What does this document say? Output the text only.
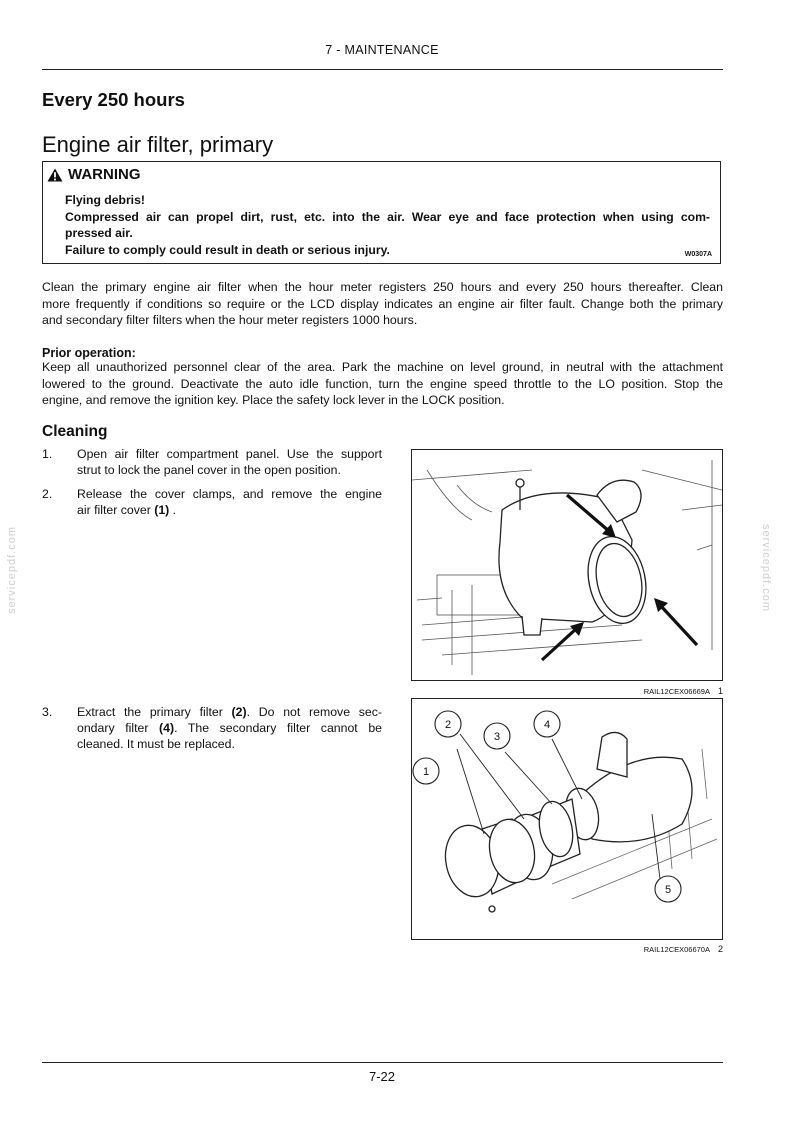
7 - MAINTENANCE
Every 250 hours
Engine air filter, primary
WARNING
Flying debris!
Compressed air can propel dirt, rust, etc. into the air. Wear eye and face protection when using com-
pressed air.
Failure to comply could result in death or serious injury.	W0307A
Clean the primary engine air filter when the hour meter registers 250 hours and every 250 hours thereafter. Clean
more frequently if conditions so require or the LCD display indicates an engine air filter fault. Change both the primary
and secondary filter filters when the hour meter registers 1000 hours.
Prior operation:
Keep all unauthorized personnel clear of the area. Park the machine on level ground, in neutral with the attachment
lowered to the ground. Deactivate the auto idle function, turn the engine speed throttle to the LO position. Stop the
engine, and remove the ignition key. Place the safety lock lever in the LOCK position.
Cleaning
1.	Open air filter compartment panel. Use the support
strut to lock the panel cover in the open position.
2.	Release the cover clamps, and remove the engine
air filter cover (1) .
3.	Extract the primary filter (2). Do not remove sec-
ondary filter (4). The secondary filter cannot be
cleaned. It must be replaced.
RAIL12CEX06669A 1
2
3
4
1
5
RAIL12CEX06670A 2
7-22
servicepdf.com	servicepdf.com
